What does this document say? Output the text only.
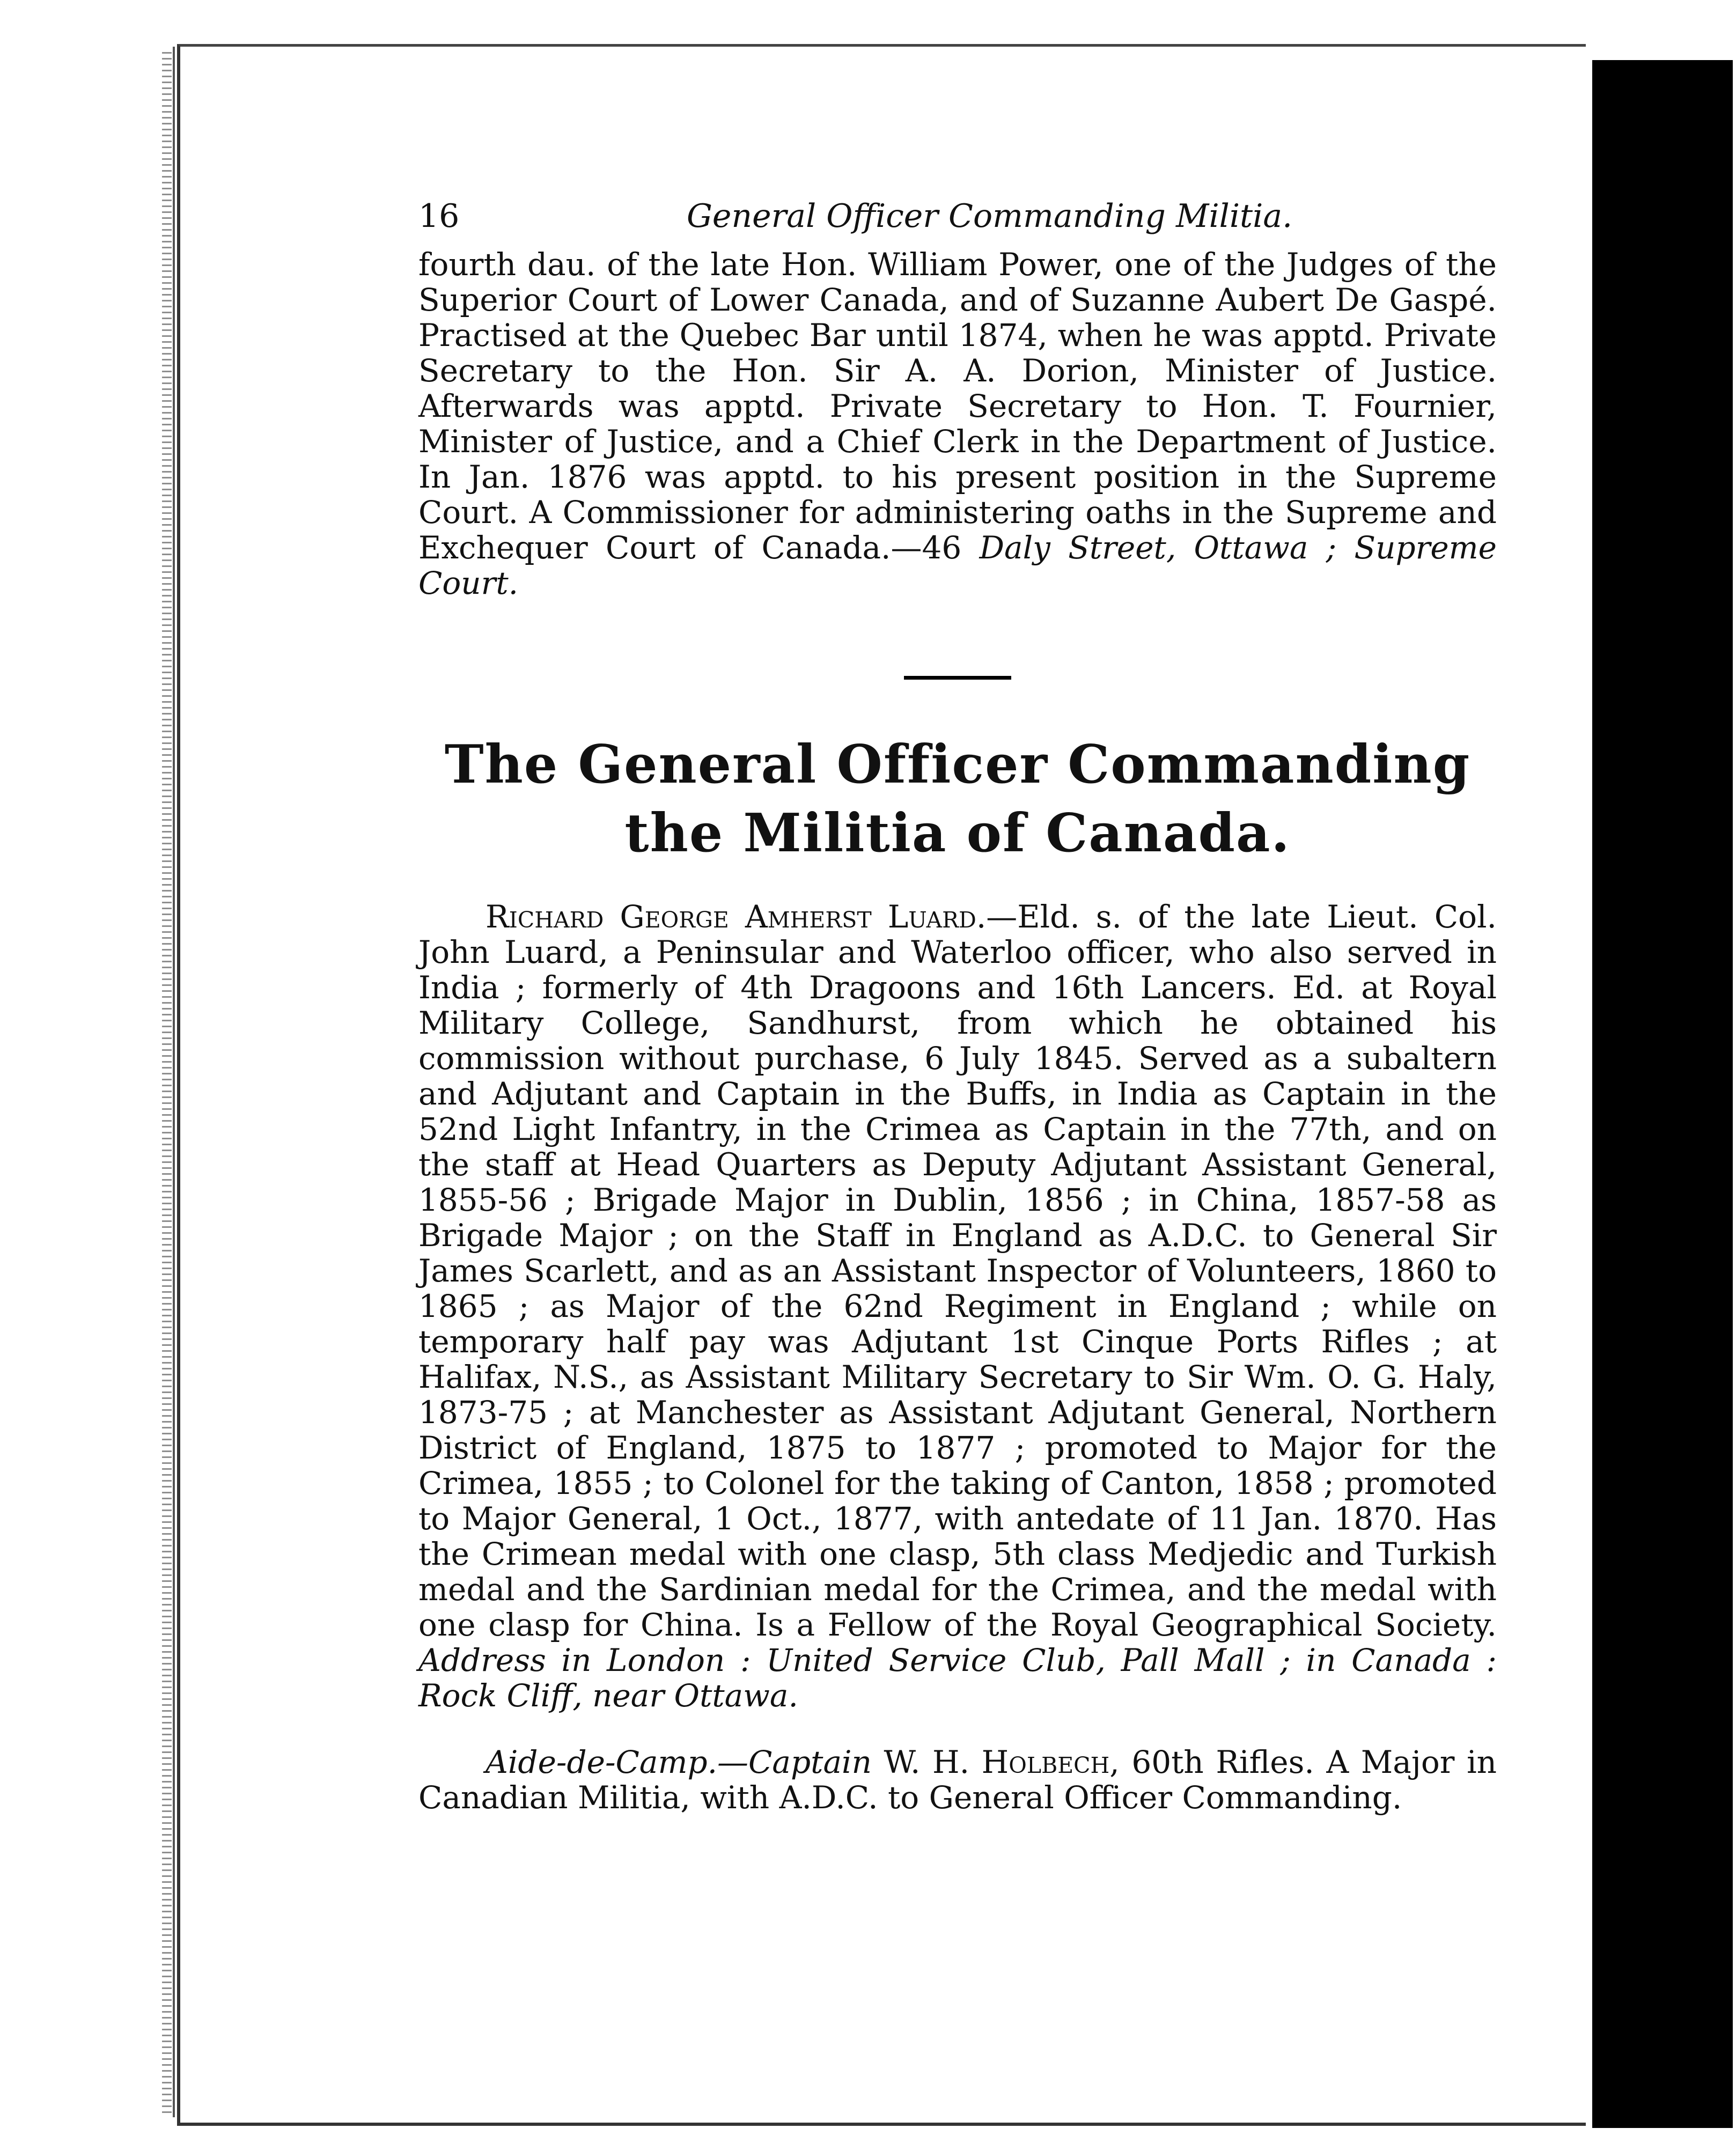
16	General Officer Commanding Militia.

fourth dau. of the late Hon. William Power, one of the Judges of the Superior Court of Lower Canada, and of Suzanne Aubert De Gaspé. Practised at the Quebec Bar until 1874, when he was apptd. Private Secretary to the Hon. Sir A. A. Dorion, Minister of Justice. Afterwards was apptd. Private Secretary to Hon. T. Fournier, Minister of Justice, and a Chief Clerk in the Department of Justice. In Jan. 1876 was apptd. to his present position in the Supreme Court. A Commissioner for administering oaths in the Supreme and Exchequer Court of Canada.—46 Daly Street, Ottawa ; Supreme Court.

The General Officer Commanding the Militia of Canada.

Richard George Amherst Luard.—Eld. s. of the late Lieut. Col. John Luard, a Peninsular and Waterloo officer, who also served in India ; formerly of 4th Dragoons and 16th Lancers. Ed. at Royal Military College, Sandhurst, from which he obtained his commission without purchase, 6 July 1845. Served as a subaltern and Adjutant and Captain in the Buffs, in India as Captain in the 52nd Light Infantry, in the Crimea as Captain in the 77th, and on the staff at Head Quarters as Deputy Adjutant Assistant General, 1855-56 ; Brigade Major in Dublin, 1856 ; in China, 1857-58 as Brigade Major ; on the Staff in England as A.D.C. to General Sir James Scarlett, and as an Assistant Inspector of Volunteers, 1860 to 1865 ; as Major of the 62nd Regiment in England ; while on temporary half pay was Adjutant 1st Cinque Ports Rifles ; at Halifax, N.S., as Assistant Military Secretary to Sir Wm. O. G. Haly, 1873-75 ; at Manchester as Assistant Adjutant General, Northern District of England, 1875 to 1877 ; promoted to Major for the Crimea, 1855 ; to Colonel for the taking of Canton, 1858 ; promoted to Major General, 1 Oct., 1877, with antedate of 11 Jan. 1870. Has the Crimean medal with one clasp, 5th class Medjedic and Turkish medal and the Sardinian medal for the Crimea, and the medal with one clasp for China. Is a Fellow of the Royal Geographical Society. Address in London : United Service Club, Pall Mall ; in Canada : Rock Cliff, near Ottawa.

Aide-de-Camp.—Captain W. H. Holbech, 60th Rifles. A Major in Canadian Militia, with A.D.C. to General Officer Commanding.
